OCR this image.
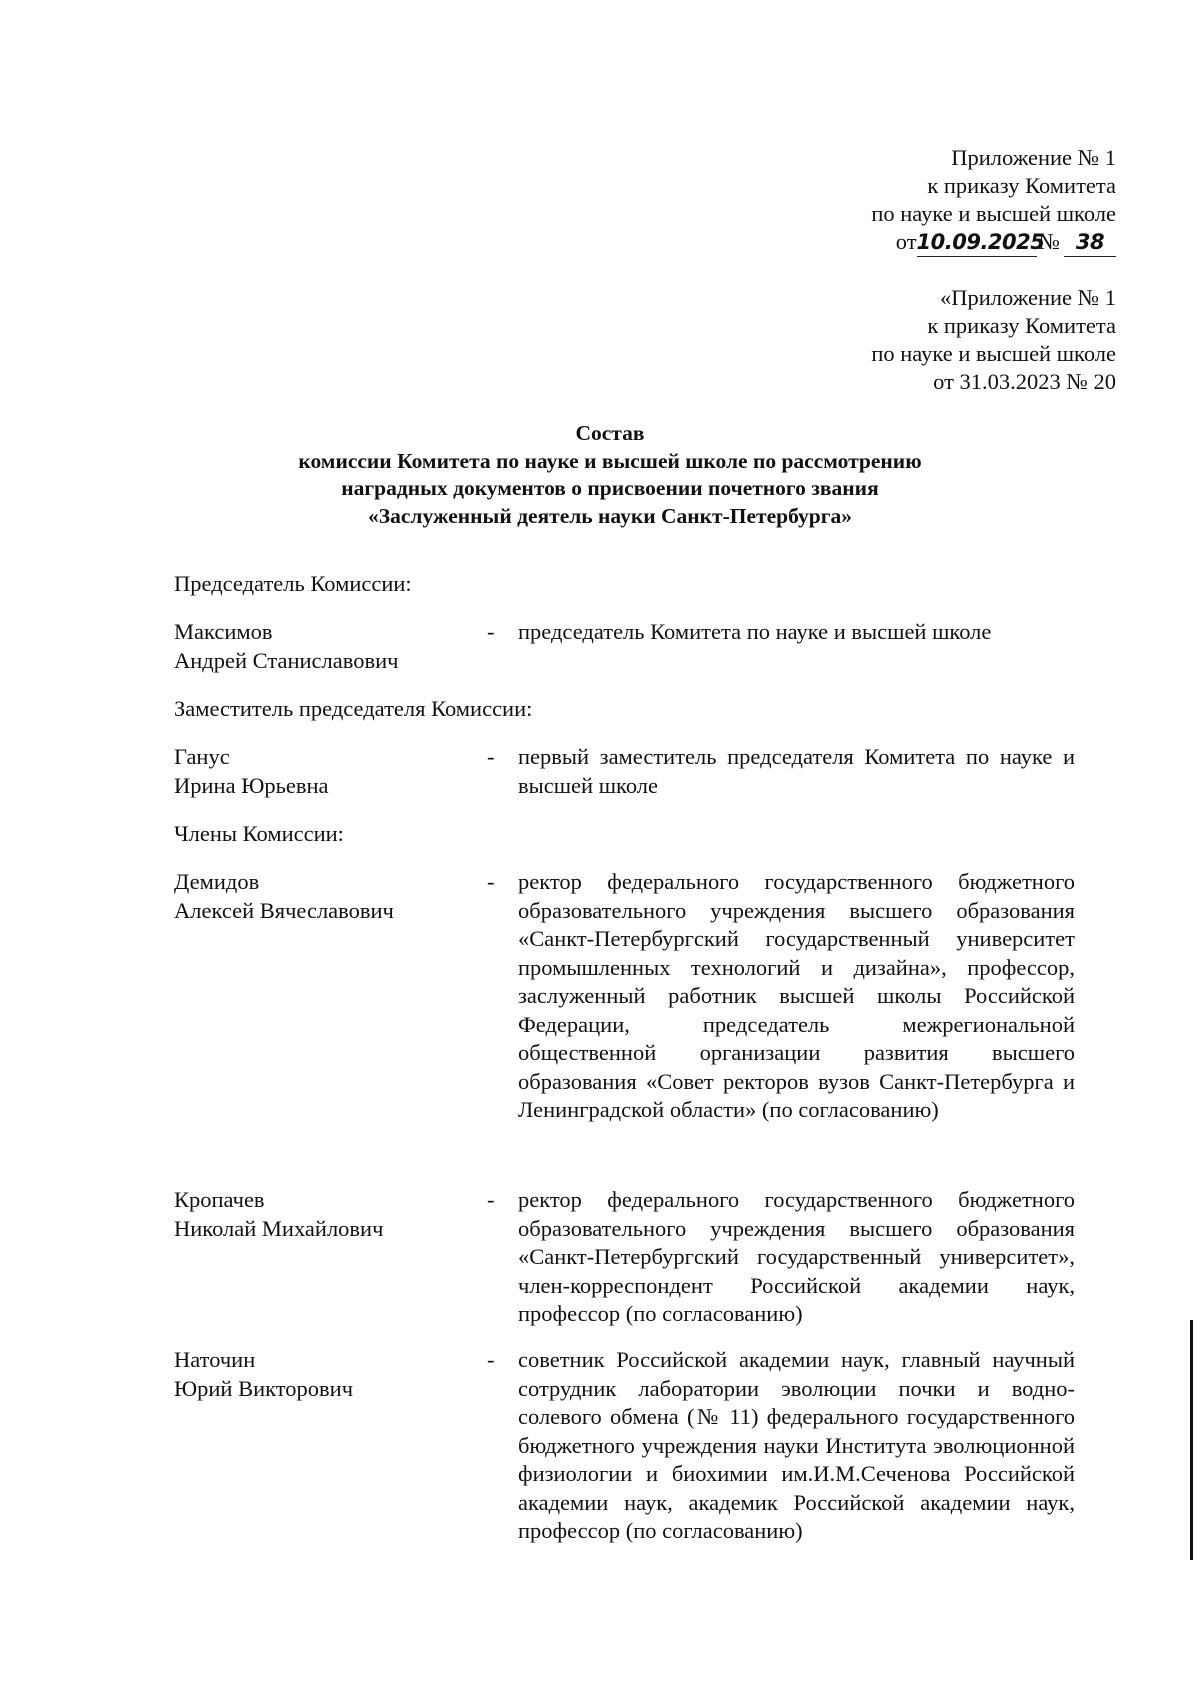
Приложение № 1
к приказу Комитета
по науке и высшей школе
от10.09.2025№ 38
«Приложение № 1
к приказу Комитета
по науке и высшей школе
от 31.03.2023 № 20
Состав
комиссии Комитета по науке и высшей школе по рассмотрению
наградных документов о присвоении почетного звания
«Заслуженный деятель науки Санкт-Петербурга»
Председатель Комиссии:
Максимов
Андрей Станиславович
- председатель Комитета по науке и высшей школе
Заместитель председателя Комиссии:
Ганус
Ирина Юрьевна
- первый заместитель председателя Комитета по науке и высшей школе
Члены Комиссии:
Демидов
Алексей Вячеславович
- ректор федерального государственного бюджетного образовательного учреждения высшего образования «Санкт-Петербургский государственный университет промышленных технологий и дизайна», профессор, заслуженный работник высшей школы Российской Федерации, председатель межрегиональной общественной организации развития высшего образования «Совет ректоров вузов Санкт-Петербурга и Ленинградской области» (по согласованию)
Кропачев
Николай Михайлович
- ректор федерального государственного бюджетного образовательного учреждения высшего образования «Санкт-Петербургский государственный университет», член-корреспондент Российской академии наук, профессор (по согласованию)
Наточин
Юрий Викторович
- советник Российской академии наук, главный научный сотрудник лаборатории эволюции почки и водно-солевого обмена (№ 11) федерального государственного бюджетного учреждения науки Института эволюционной физиологии и биохимии им.И.М.Сеченова Российской академии наук, академик Российской академии наук, профессор (по согласованию)
